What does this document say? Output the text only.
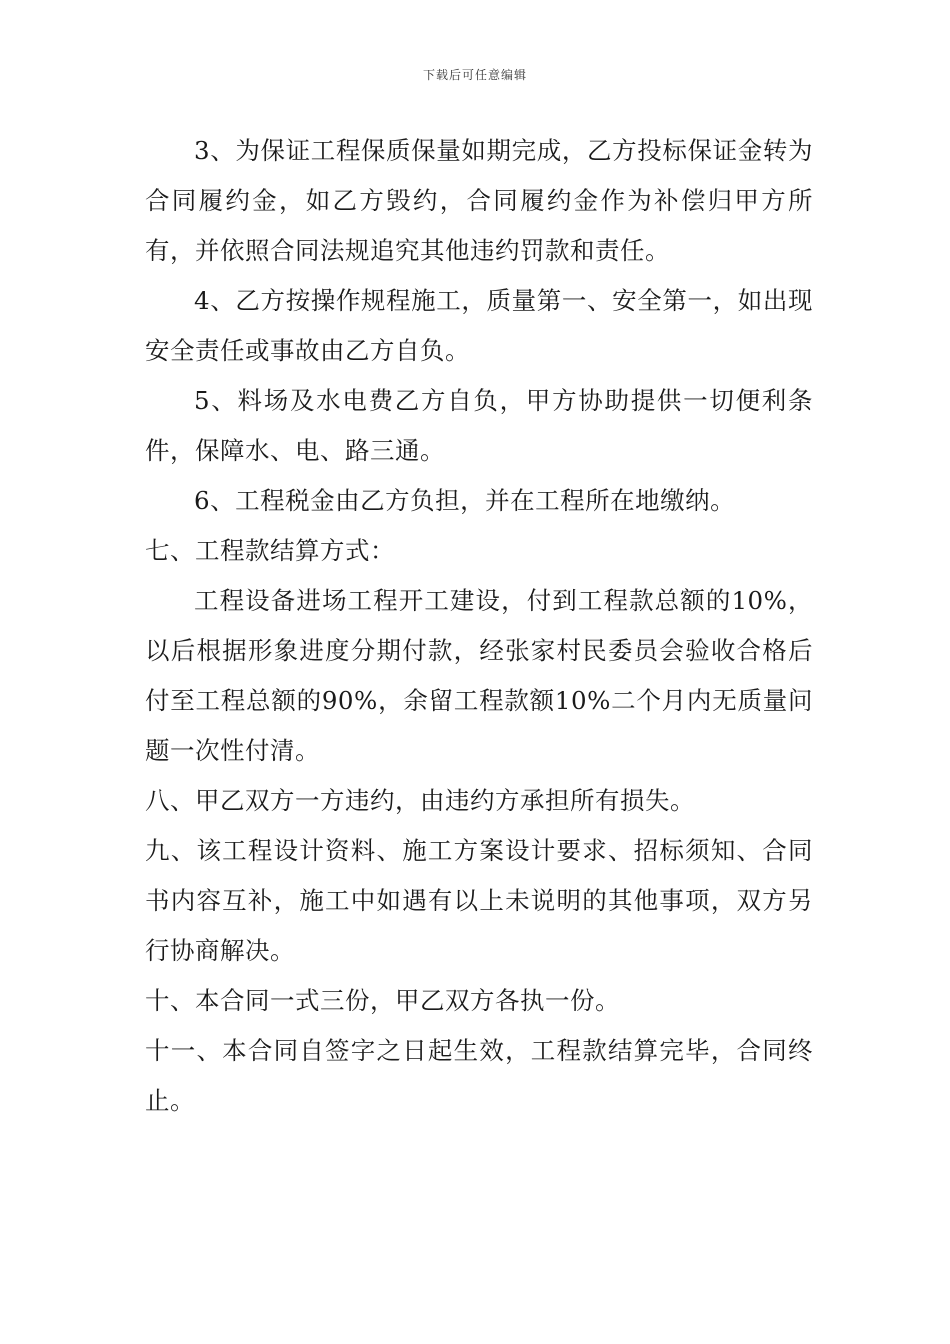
下载后可任意编辑

3、为保证工程保质保量如期完成，乙方投标保证金转为合同履约金，如乙方毁约，合同履约金作为补偿归甲方所有，并依照合同法规追究其他违约罚款和责任。

4、乙方按操作规程施工，质量第一、安全第一，如出现安全责任或事故由乙方自负。

5、料场及水电费乙方自负，甲方协助提供一切便利条件，保障水、电、路三通。

6、工程税金由乙方负担，并在工程所在地缴纳。

七、工程款结算方式：

工程设备进场工程开工建设，付到工程款总额的10%，以后根据形象进度分期付款，经张家村民委员会验收合格后付至工程总额的90%，余留工程款额10%二个月内无质量问题一次性付清。

八、甲乙双方一方违约，由违约方承担所有损失。

九、该工程设计资料、施工方案设计要求、招标须知、合同书内容互补，施工中如遇有以上未说明的其他事项，双方另行协商解决。

十、本合同一式三份，甲乙双方各执一份。

十一、本合同自签字之日起生效，工程款结算完毕，合同终止。
